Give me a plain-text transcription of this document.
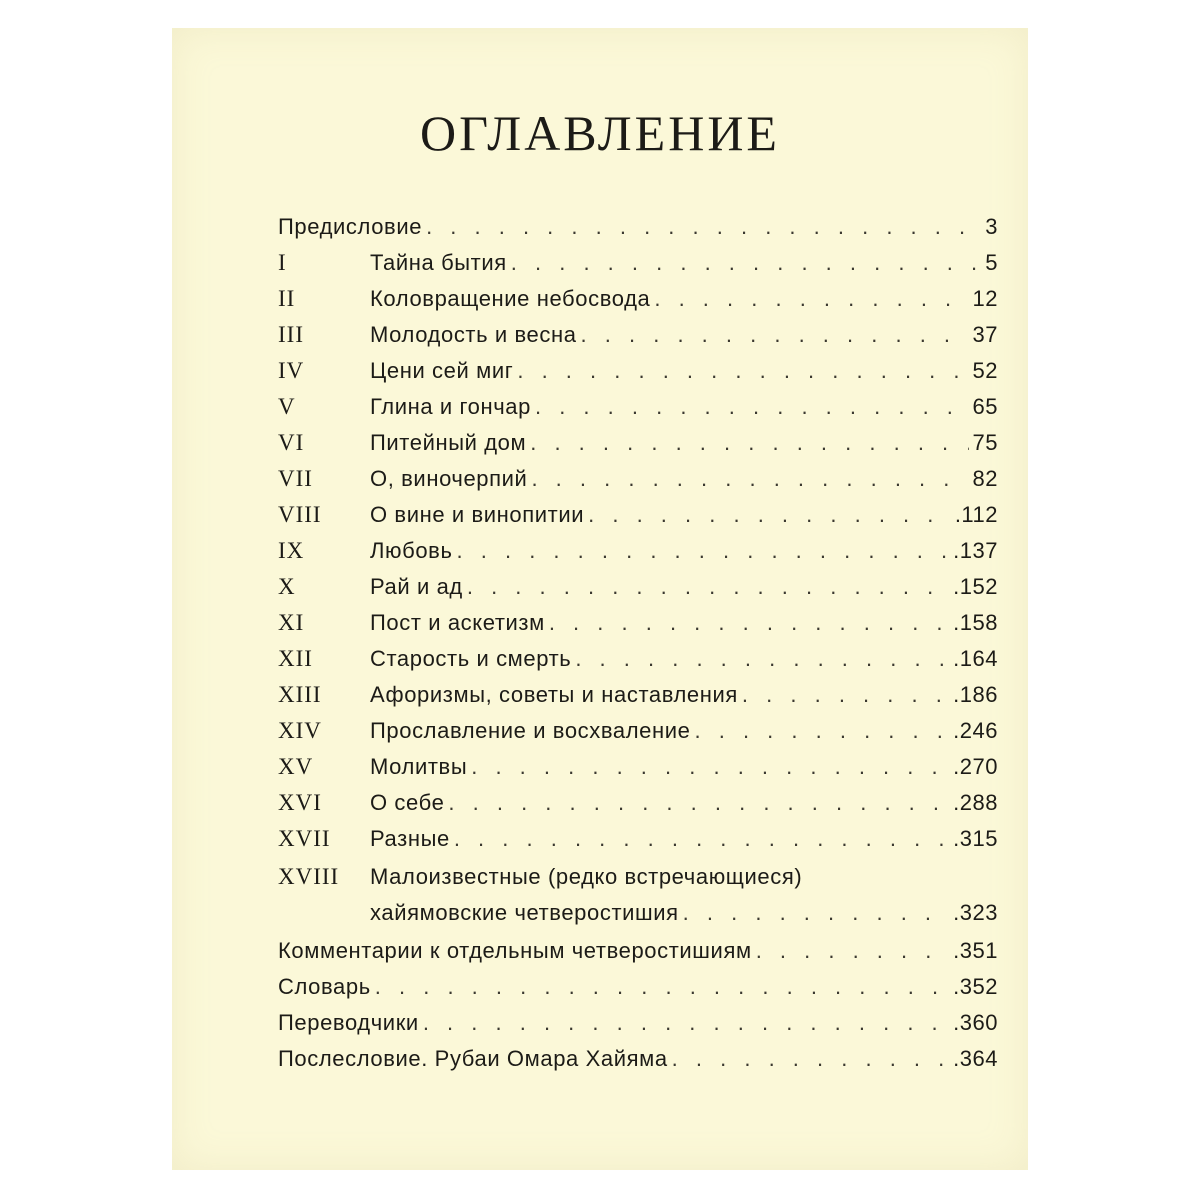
ОГЛАВЛЕНИЕ
Предисловие . . .	3
I	Тайна бытия . . .	5
II	Коловращение небосвода . . .	12
III	Молодость и весна . . .	37
IV	Цени сей миг . . .	52
V	Глина и гончар . . .	65
VI	Питейный дом . . .	75
VII	О, виночерпий . . .	82
VIII	О вине и винопитии . . .	.112
IX	Любовь . . .	.137
X	Рай и ад . . .	.152
XI	Пост и аскетизм . . .	.158
XII	Старость и смерть . . .	.164
XIII	Афоризмы, советы и наставления . . .	.186
XIV	Прославление и восхваление . . .	.246
XV	Молитвы . . .	.270
XVI	О себе . . .	.288
XVII	Разные . . .	.315
XVIII	Малоизвестные (редко встречающиеся)
хайямовские четверостишия . . .	.323
Комментарии к отдельным четверостишиям . . .	.351
Словарь . . .	.352
Переводчики . . .	.360
Послесловие. Рубаи Омара Хайяма . . .	.364
